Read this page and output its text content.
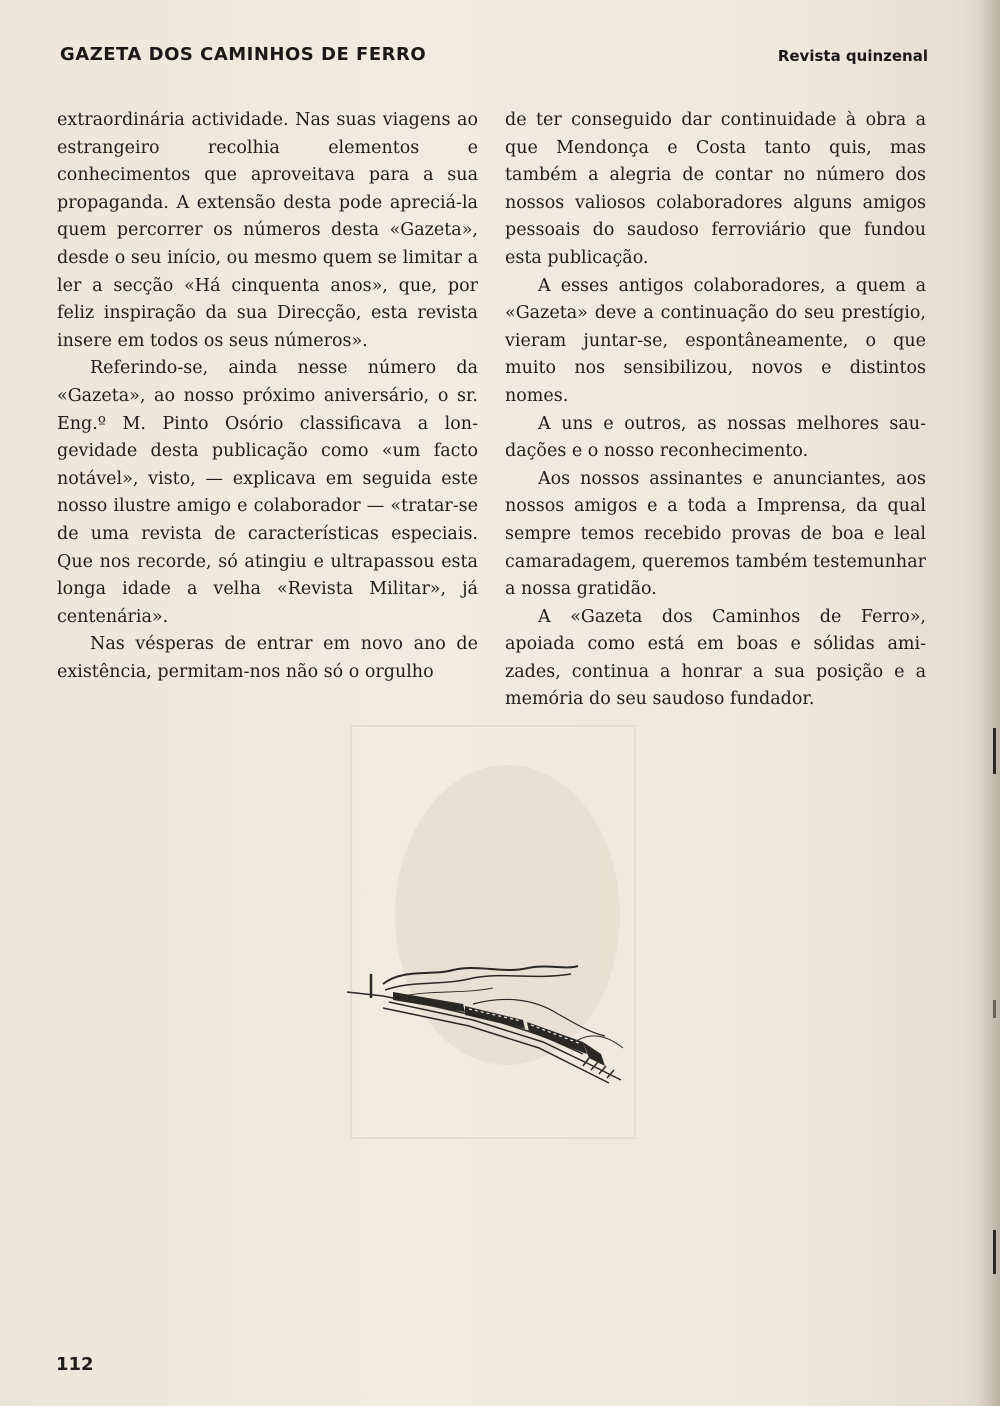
GAZETA DOS CAMINHOS DE FERRO	Revista quinzenal

extraordinária actividade. Nas suas viagens ao estrangeiro recolhia elementos e conhecimentos que aproveitava para a sua propaganda. A extensão desta pode apreciá-la quem percorrer os números desta «Gazeta», desde o seu início, ou mesmo quem se limitar a ler a secção «Há cinquenta anos», que, por feliz inspiração da sua Direcção, esta revista insere em todos os seus números».

Referindo-se, ainda nesse número da «Gazeta», ao nosso próximo aniversário, o sr. Eng.º M. Pinto Osório classificava a longevidade desta publicação como «um facto notável», visto, — explicava em seguida este nosso ilustre amigo e colaborador — «tratar-se de uma revista de características especiais. Que nos recorde, só atingiu e ultrapassou esta longa idade a velha «Revista Militar», já centenária».

Nas vésperas de entrar em novo ano de existência, permitam-nos não só o orgulho

de ter conseguido dar continuidade à obra a que Mendonça e Costa tanto quis, mas também a alegria de contar no número dos nossos valiosos colaboradores alguns amigos pessoais do saudoso ferroviário que fundou esta publicação.

A esses antigos colaboradores, a quem a «Gazeta» deve a continuação do seu prestígio, vieram juntar-se, espontâneamente, o que muito nos sensibilizou, novos e distintos nomes.

A uns e outros, as nossas melhores saudações e o nosso reconhecimento.

Aos nossos assinantes e anunciantes, aos nossos amigos e a toda a Imprensa, da qual sempre temos recebido provas de boa e leal camaradagem, queremos também testemunhar a nossa gratidão.

A «Gazeta dos Caminhos de Ferro», apoiada como está em boas e sólidas amizades, continua a honrar a sua posição e a memória do seu saudoso fundador.

112
